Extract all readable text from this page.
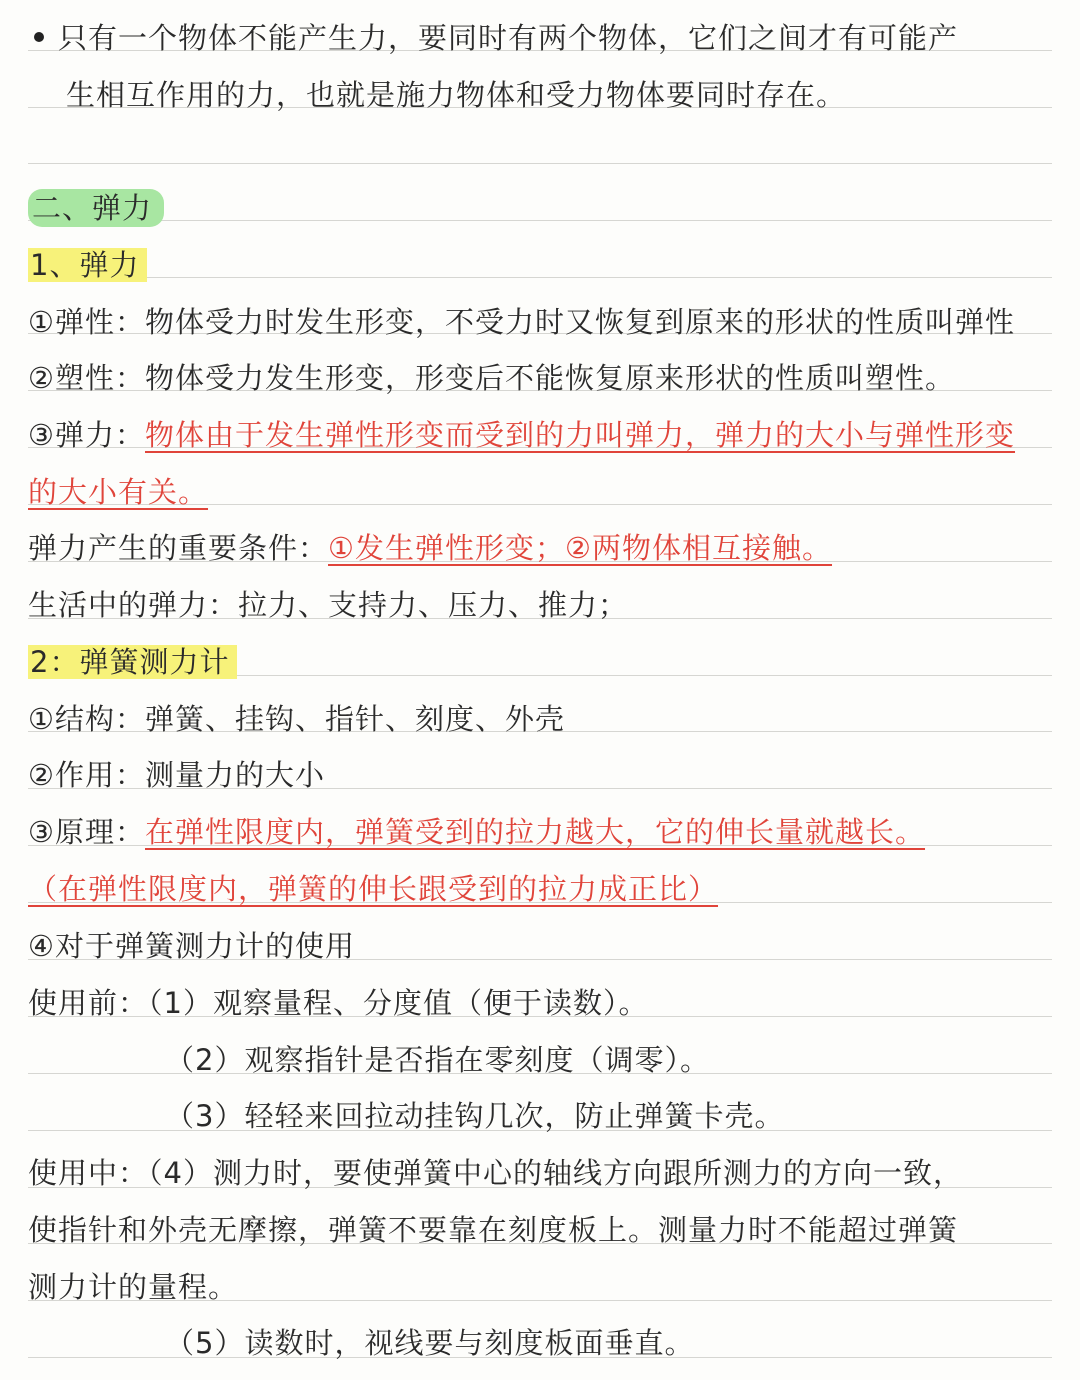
只有一个物体不能产生力，要同时有两个物体，它们之间才有可能产
生相互作用的力，也就是施力物体和受力物体要同时存在。
二、弹力
1、弹力
①弹性：物体受力时发生形变，不受力时又恢复到原来的形状的性质叫弹性
②塑性：物体受力发生形变，形变后不能恢复原来形状的性质叫塑性。
③弹力：物体由于发生弹性形变而受到的力叫弹力，弹力的大小与弹性形变
的大小有关。
弹力产生的重要条件：①发生弹性形变；②两物体相互接触。
生活中的弹力：拉力、支持力、压力、推力；
2：弹簧测力计
①结构：弹簧、挂钩、指针、刻度、外壳
②作用：测量力的大小
③原理：在弹性限度内，弹簧受到的拉力越大，它的伸长量就越长。
（在弹性限度内，弹簧的伸长跟受到的拉力成正比）
④对于弹簧测力计的使用
使用前：（1）观察量程、分度值（便于读数）。
（2）观察指针是否指在零刻度（调零）。
（3）轻轻来回拉动挂钩几次，防止弹簧卡壳。
使用中：（4）测力时，要使弹簧中心的轴线方向跟所测力的方向一致，
使指针和外壳无摩擦，弹簧不要靠在刻度板上。测量力时不能超过弹簧
测力计的量程。
（5）读数时，视线要与刻度板面垂直。
